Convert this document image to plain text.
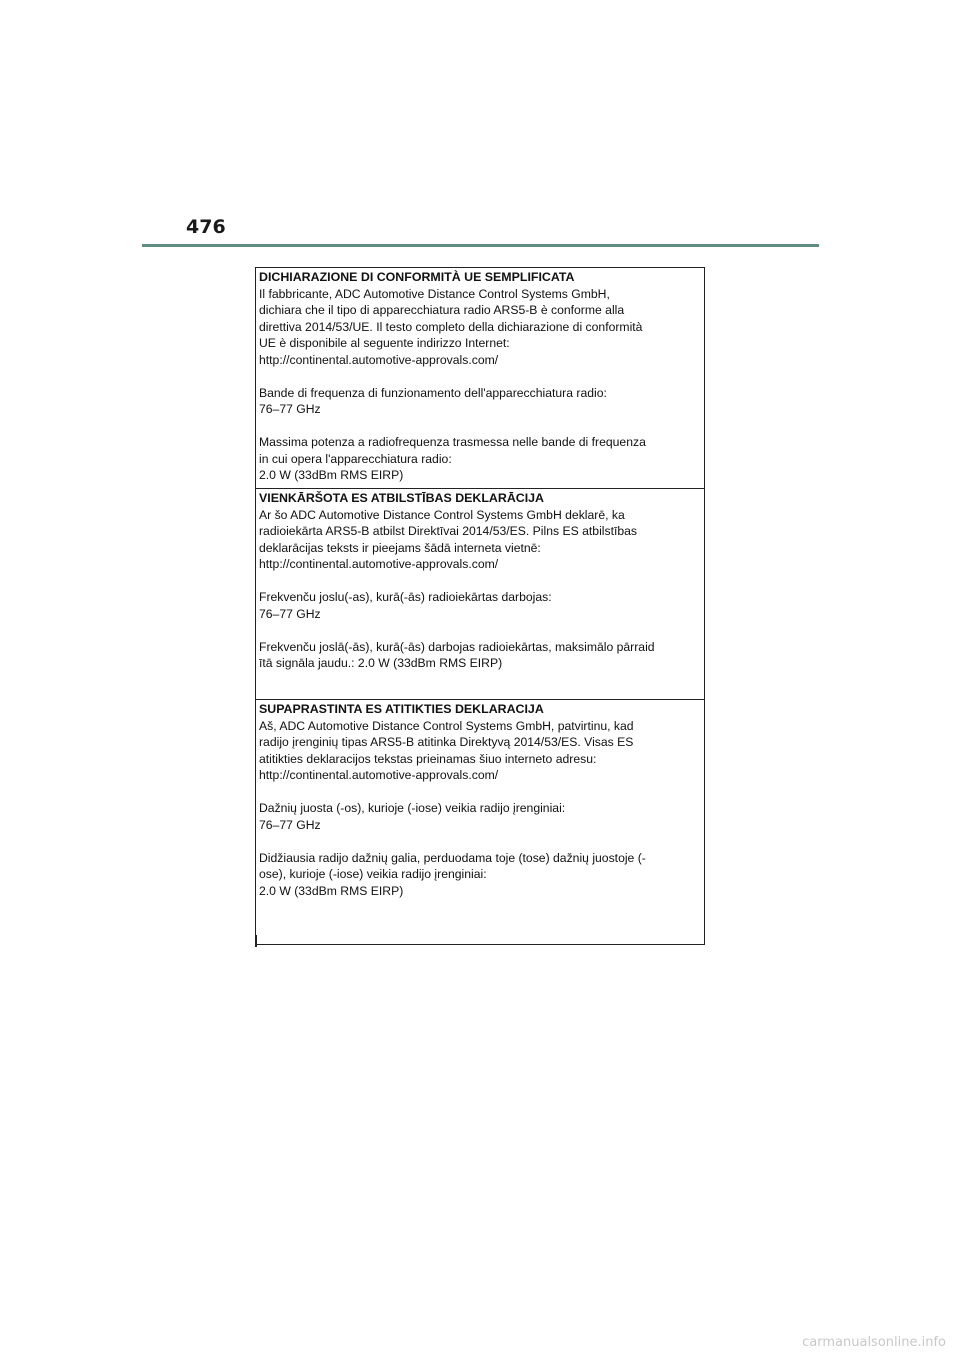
476
DICHIARAZIONE DI CONFORMITÀ UE SEMPLIFICATA

Il fabbricante, ADC Automotive Distance Control Systems GmbH,
dichiara che il tipo di apparecchiatura radio ARS5-B è conforme alla
direttiva 2014/53/UE. Il testo completo della dichiarazione di conformità
UE è disponibile al seguente indirizzo Internet:
http://continental.automotive-approvals.com/

Bande di frequenza di funzionamento dell'apparecchiatura radio:
76–77 GHz

Massima potenza a radiofrequenza trasmessa nelle bande di frequenza
in cui opera l'apparecchiatura radio:
2.0 W (33dBm RMS EIRP)

VIENKĀRŠOTA ES ATBILSTĪBAS DEKLARĀCIJA

Ar šo ADC Automotive Distance Control Systems GmbH deklarē, ka
radioiekārta ARS5-B atbilst Direktīvai 2014/53/ES. Pilns ES atbilstības
deklarācijas teksts ir pieejams šādā interneta vietnē:
http://continental.automotive-approvals.com/

Frekvenču joslu(-as), kurā(-ās) radioiekārtas darbojas:
76–77 GHz

Frekvenču joslā(-ās), kurā(-ās) darbojas radioiekārtas, maksimālo pārraid
ītā signāla jaudu.: 2.0 W (33dBm RMS EIRP)

SUPAPRASTINTA ES ATITIKTIES DEKLARACIJA

Aš, ADC Automotive Distance Control Systems GmbH, patvirtinu, kad
radijo įrenginių tipas ARS5-B atitinka Direktyvą 2014/53/ES. Visas ES
atitikties deklaracijos tekstas prieinamas šiuo interneto adresu:
http://continental.automotive-approvals.com/

Dažnių juosta (-os), kurioje (-iose) veikia radijo įrenginiai:
76–77 GHz

Didžiausia radijo dažnių galia, perduodama toje (tose) dažnių juostoje (-
ose), kurioje (-iose) veikia radijo įrenginiai:
2.0 W (33dBm RMS EIRP)

carmanualsonline.info
